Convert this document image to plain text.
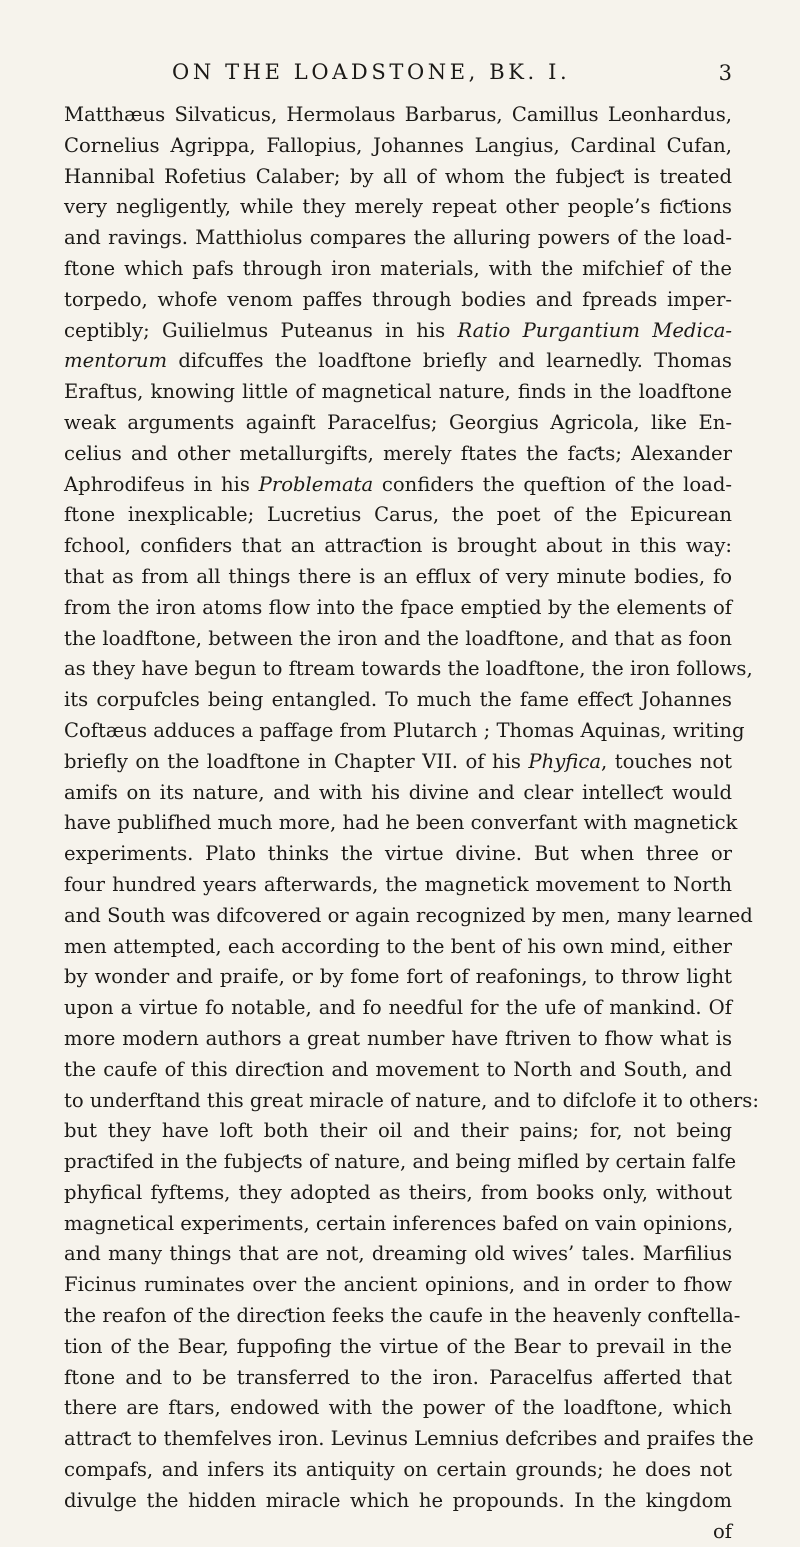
ON THE LOADSTONE, BK. I.	3
Matthæus Silvaticus, Hermolaus Barbarus, Camillus Leonhardus,
Cornelius Agrippa, Fallopius, Johannes Langius, Cardinal Cufan,
Hannibal Rofetius Calaber; by all of whom the fubjeƈt is treated
very negligently, while they merely repeat other people’s fiƈtions
and ravings. Matthiolus compares the alluring powers of the load-
ftone which pafs through iron materials, with the mifchief of the
torpedo, whofe venom paffes through bodies and fpreads imper-
ceptibly; Guilielmus Puteanus in his Ratio Purgantium Medica-
mentorum difcuffes the loadftone briefly and learnedly. Thomas
Eraftus, knowing little of magnetical nature, finds in the loadftone
weak arguments againft Paracelfus; Georgius Agricola, like En-
celius and other metallurgifts, merely ftates the faƈts; Alexander
Aphrodifeus in his Problemata confiders the queftion of the load-
ftone inexplicable; Lucretius Carus, the poet of the Epicurean
fchool, confiders that an attraƈtion is brought about in this way:
that as from all things there is an efflux of very minute bodies, fo
from the iron atoms flow into the fpace emptied by the elements of
the loadftone, between the iron and the loadftone, and that as foon
as they have begun to ftream towards the loadftone, the iron follows,
its corpufcles being entangled. To much the fame effeƈt Johannes
Coftæus adduces a paffage from Plutarch ; Thomas Aquinas, writing
briefly on the loadftone in Chapter VII. of his Phyfica, touches not
amifs on its nature, and with his divine and clear intelleƈt would
have publifhed much more, had he been converfant with magnetick
experiments. Plato thinks the virtue divine. But when three or
four hundred years afterwards, the magnetick movement to North
and South was difcovered or again recognized by men, many learned
men attempted, each according to the bent of his own mind, either
by wonder and praife, or by fome fort of reafonings, to throw light
upon a virtue fo notable, and fo needful for the ufe of mankind. Of
more modern authors a great number have ftriven to fhow what is
the caufe of this direƈtion and movement to North and South, and
to underftand this great miracle of nature, and to difclofe it to others:
but they have loft both their oil and their pains; for, not being
praƈtifed in the fubjeƈts of nature, and being mifled by certain falfe
phyfical fyftems, they adopted as theirs, from books only, without
magnetical experiments, certain inferences bafed on vain opinions,
and many things that are not, dreaming old wives’ tales. Marfilius
Ficinus ruminates over the ancient opinions, and in order to fhow
the reafon of the direƈtion feeks the caufe in the heavenly conftella-
tion of the Bear, fuppofing the virtue of the Bear to prevail in the
ftone and to be transferred to the iron. Paracelfus afferted that
there are ftars, endowed with the power of the loadftone, which
attraƈt to themfelves iron. Levinus Lemnius defcribes and praifes the
compafs, and infers its antiquity on certain grounds; he does not
divulge the hidden miracle which he propounds. In the kingdom
of
